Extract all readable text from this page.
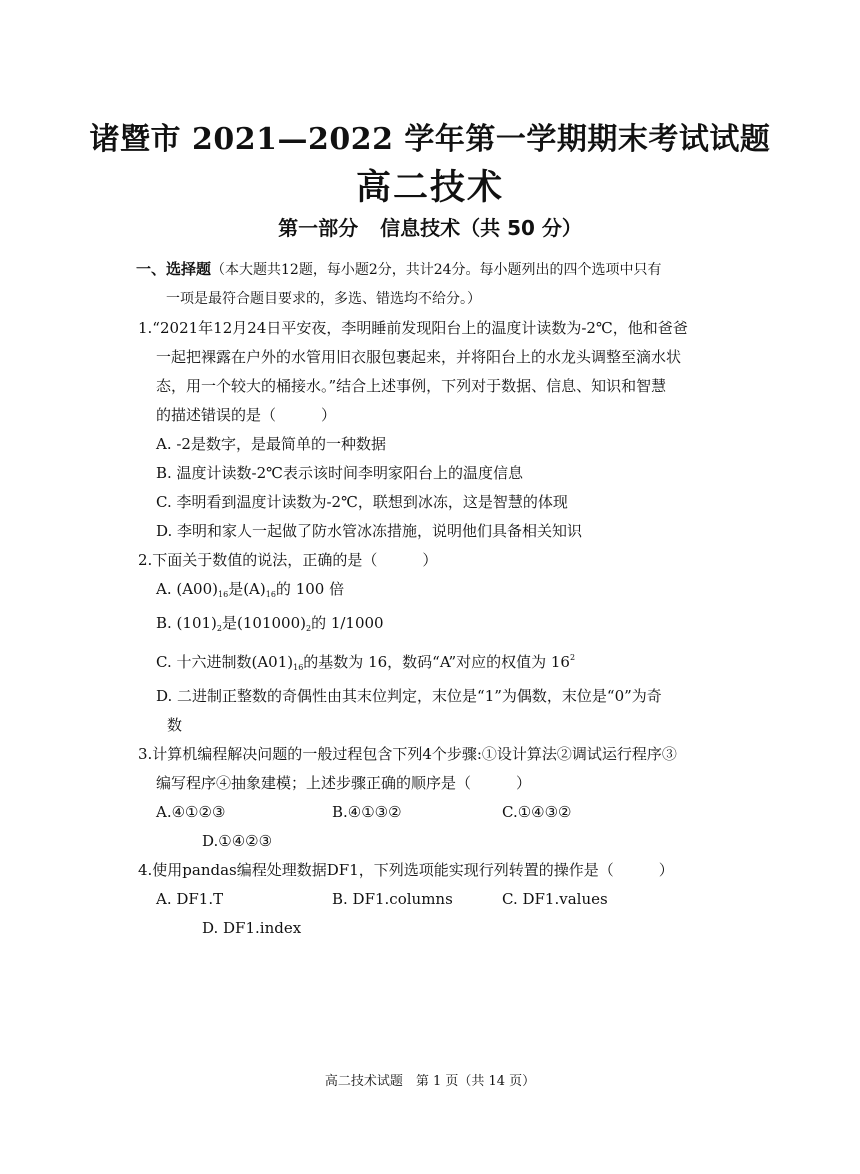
诸暨市 2021—2022 学年第一学期期末考试试题
高二技术
第一部分 信息技术（共 50 分）
一、选择题（本大题共12题，每小题2分，共计24分。每小题列出的四个选项中只有
一项是最符合题目要求的，多选、错选均不给分。）
1.“2021年12月24日平安夜，李明睡前发现阳台上的温度计读数为-2℃，他和爸爸
一起把裸露在户外的水管用旧衣服包裹起来，并将阳台上的水龙头调整至滴水状
态，用一个较大的桶接水。”结合上述事例，下列对于数据、信息、知识和智慧
的描述错误的是（　　　）
A. -2是数字，是最简单的一种数据
B. 温度计读数-2℃表示该时间李明家阳台上的温度信息
C. 李明看到温度计读数为-2℃，联想到冰冻，这是智慧的体现
D. 李明和家人一起做了防水管冰冻措施，说明他们具备相关知识
2.下面关于数值的说法，正确的是（　　　）
A. $(A00)_{16}$是$(A)_{16}$的 100 倍
B. $(101)_2$是$(101000)_2$的 1/1000
C. 十六进制数$(A01)_{16}$的基数为 16，数码“A”对应的权值为 $16^2$
D. 二进制正整数的奇偶性由其末位判定，末位是“1”为偶数，末位是“0”为奇
数
3.计算机编程解决问题的一般过程包含下列4个步骤:①设计算法②调试运行程序③
编写程序④抽象建模；上述步骤正确的顺序是（　　　）
A.④①②③	B.④①③②	C.①④③②
D.①④②③
4.使用pandas编程处理数据DF1，下列选项能实现行列转置的操作是（　　　）
A. DF1.T	B. DF1.columns	C. DF1.values
D. DF1.index
高二技术试题　第 1 页（共 14 页）
